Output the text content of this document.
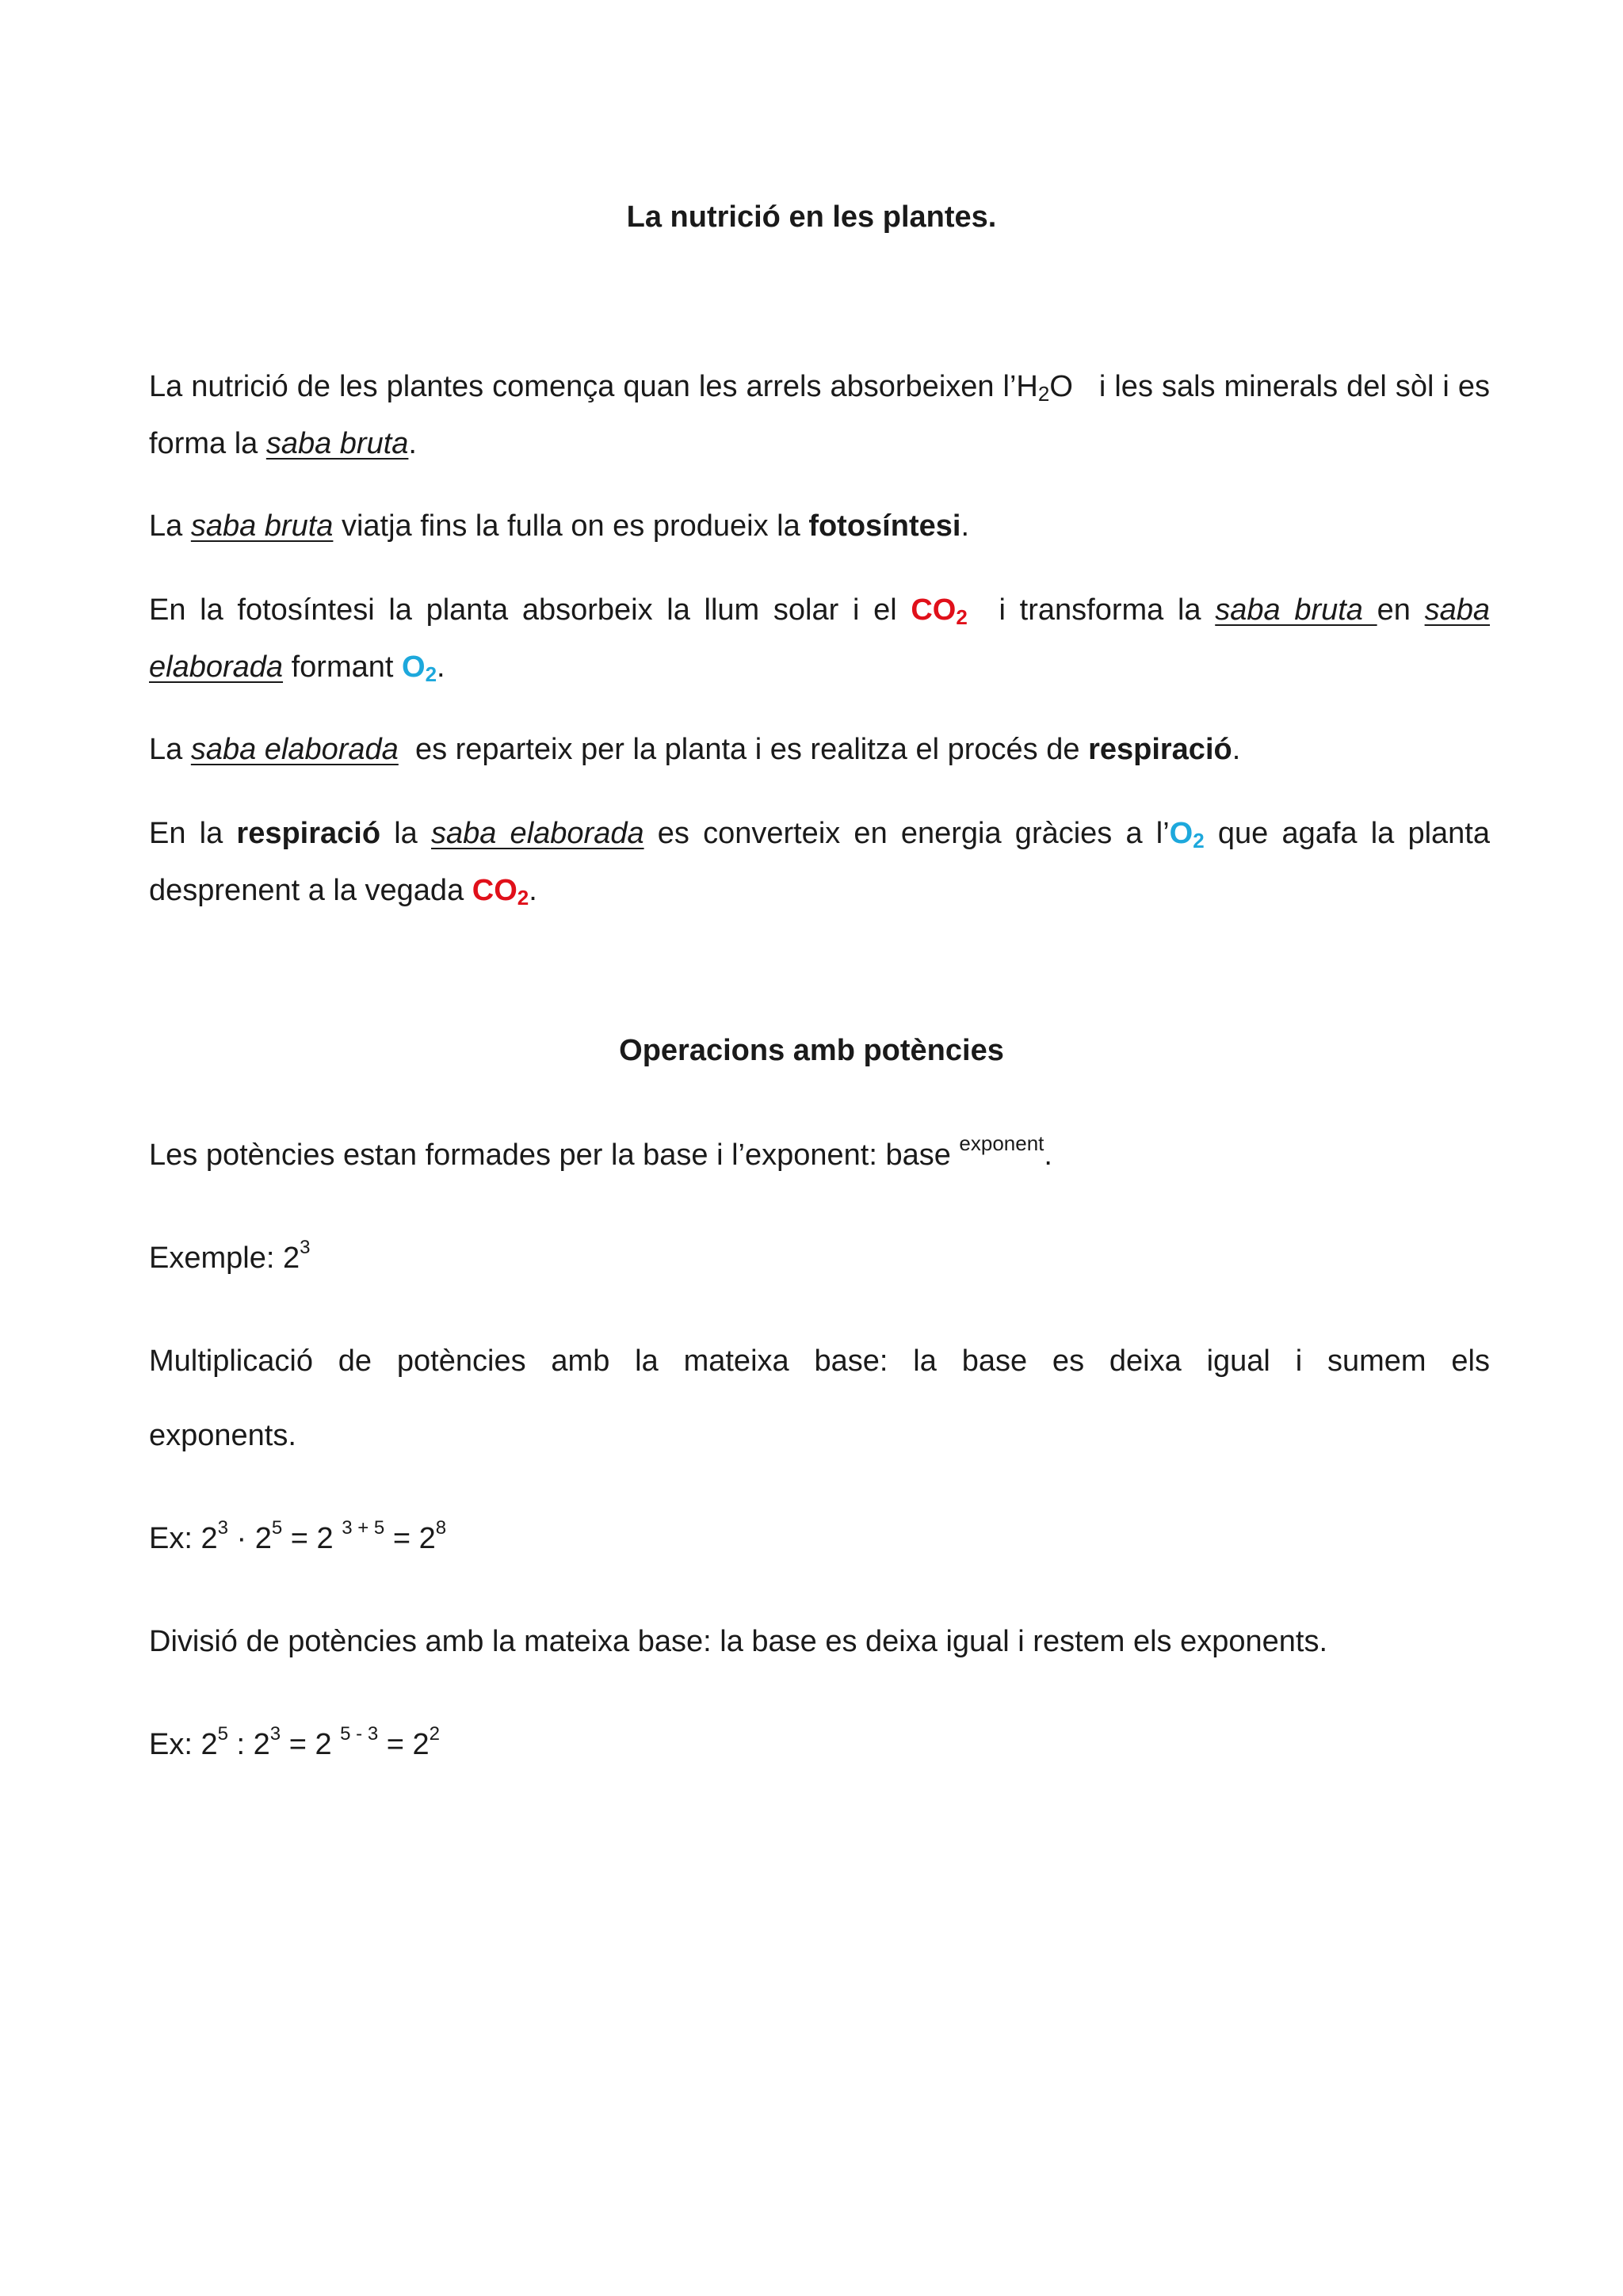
La nutrició en les plantes.
La nutrició de les plantes comença quan les arrels absorbeixen $l’H_2O$ i les sals minerals del sòl i es forma la saba bruta.
La saba bruta viatja fins la fulla on es produeix la fotosíntesi.
En la fotosíntesi la planta absorbeix la llum solar i el $CO_2$ i transforma la saba bruta en saba elaborada formant $O_2$.
La saba elaborada  es reparteix per la planta i es realitza el procés de respiració.
En la respiració la saba elaborada es converteix en energia gràcies a $l’O_2$ que agafa la planta desprenent a la vegada $CO_2$.
Operacions amb potències
Les potències estan formades per la base i l’exponent: base $^{exponent}$.
Exemple: $2^3$
Multiplicació de potències amb la mateixa base: la base es deixa igual i sumem els
exponents.
Ex: $2^3 \cdot 2^5 = 2$ $^{3 + 5} = 2^8$
Divisió de potències amb la mateixa base: la base es deixa igual i restem els exponents.
Ex: $2^5$ : $2^3 = 2$ $^{5 - 3} = 2^2$
